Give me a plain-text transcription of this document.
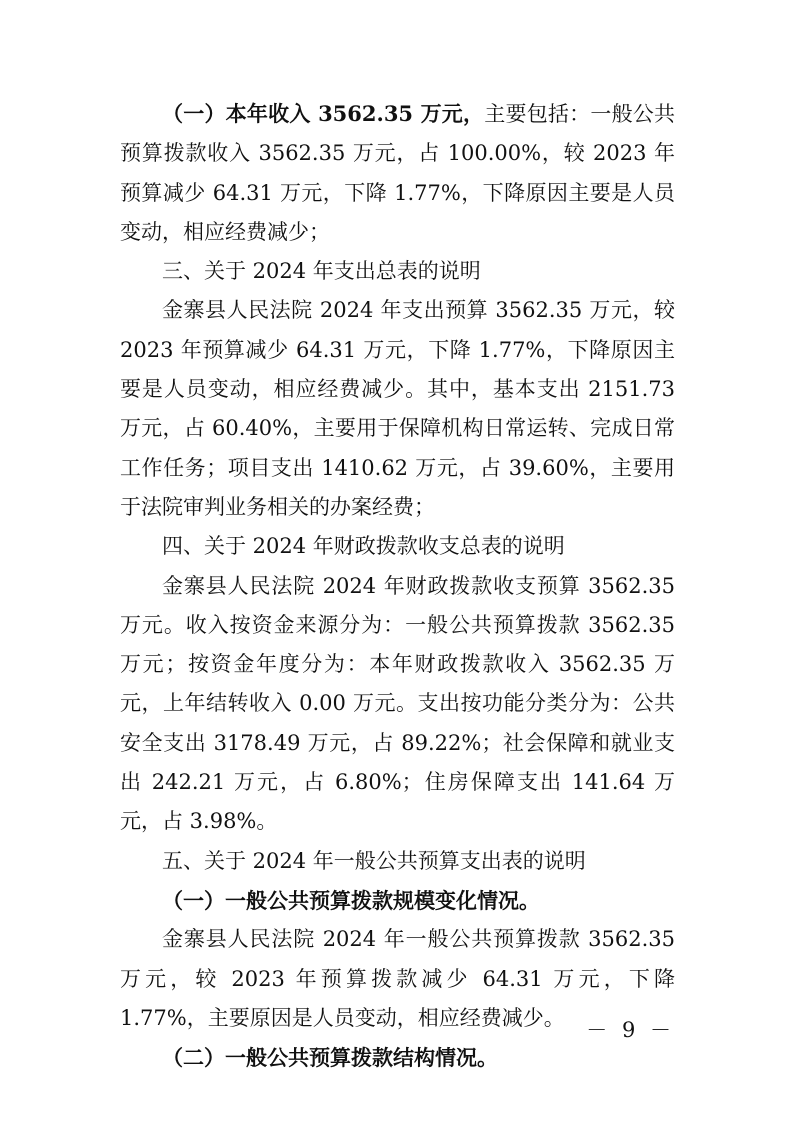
（一）本年收入 3562.35 万元，主要包括：一般公共预算拨款收入 3562.35 万元，占 100.00%，较 2023 年预算减少 64.31 万元，下降 1.77%，下降原因主要是人员变动，相应经费减少；

三、关于 2024 年支出总表的说明

金寨县人民法院 2024 年支出预算 3562.35 万元，较 2023 年预算减少 64.31 万元，下降 1.77%，下降原因主要是人员变动，相应经费减少。其中，基本支出 2151.73 万元，占 60.40%，主要用于保障机构日常运转、完成日常工作任务；项目支出 1410.62 万元，占 39.60%，主要用于法院审判业务相关的办案经费；

四、关于 2024 年财政拨款收支总表的说明

金寨县人民法院 2024 年财政拨款收支预算 3562.35 万元。收入按资金来源分为：一般公共预算拨款 3562.35 万元；按资金年度分为：本年财政拨款收入 3562.35 万元，上年结转收入 0.00 万元。支出按功能分类分为：公共安全支出 3178.49 万元，占 89.22%；社会保障和就业支出 242.21 万元，占 6.80%；住房保障支出 141.64 万元，占 3.98%。

五、关于 2024 年一般公共预算支出表的说明

（一）一般公共预算拨款规模变化情况。

金寨县人民法院 2024 年一般公共预算拨款 3562.35 万元，较 2023 年预算拨款减少 64.31 万元，下降 1.77%，主要原因是人员变动，相应经费减少。

（二）一般公共预算拨款结构情况。

－ 9 －
